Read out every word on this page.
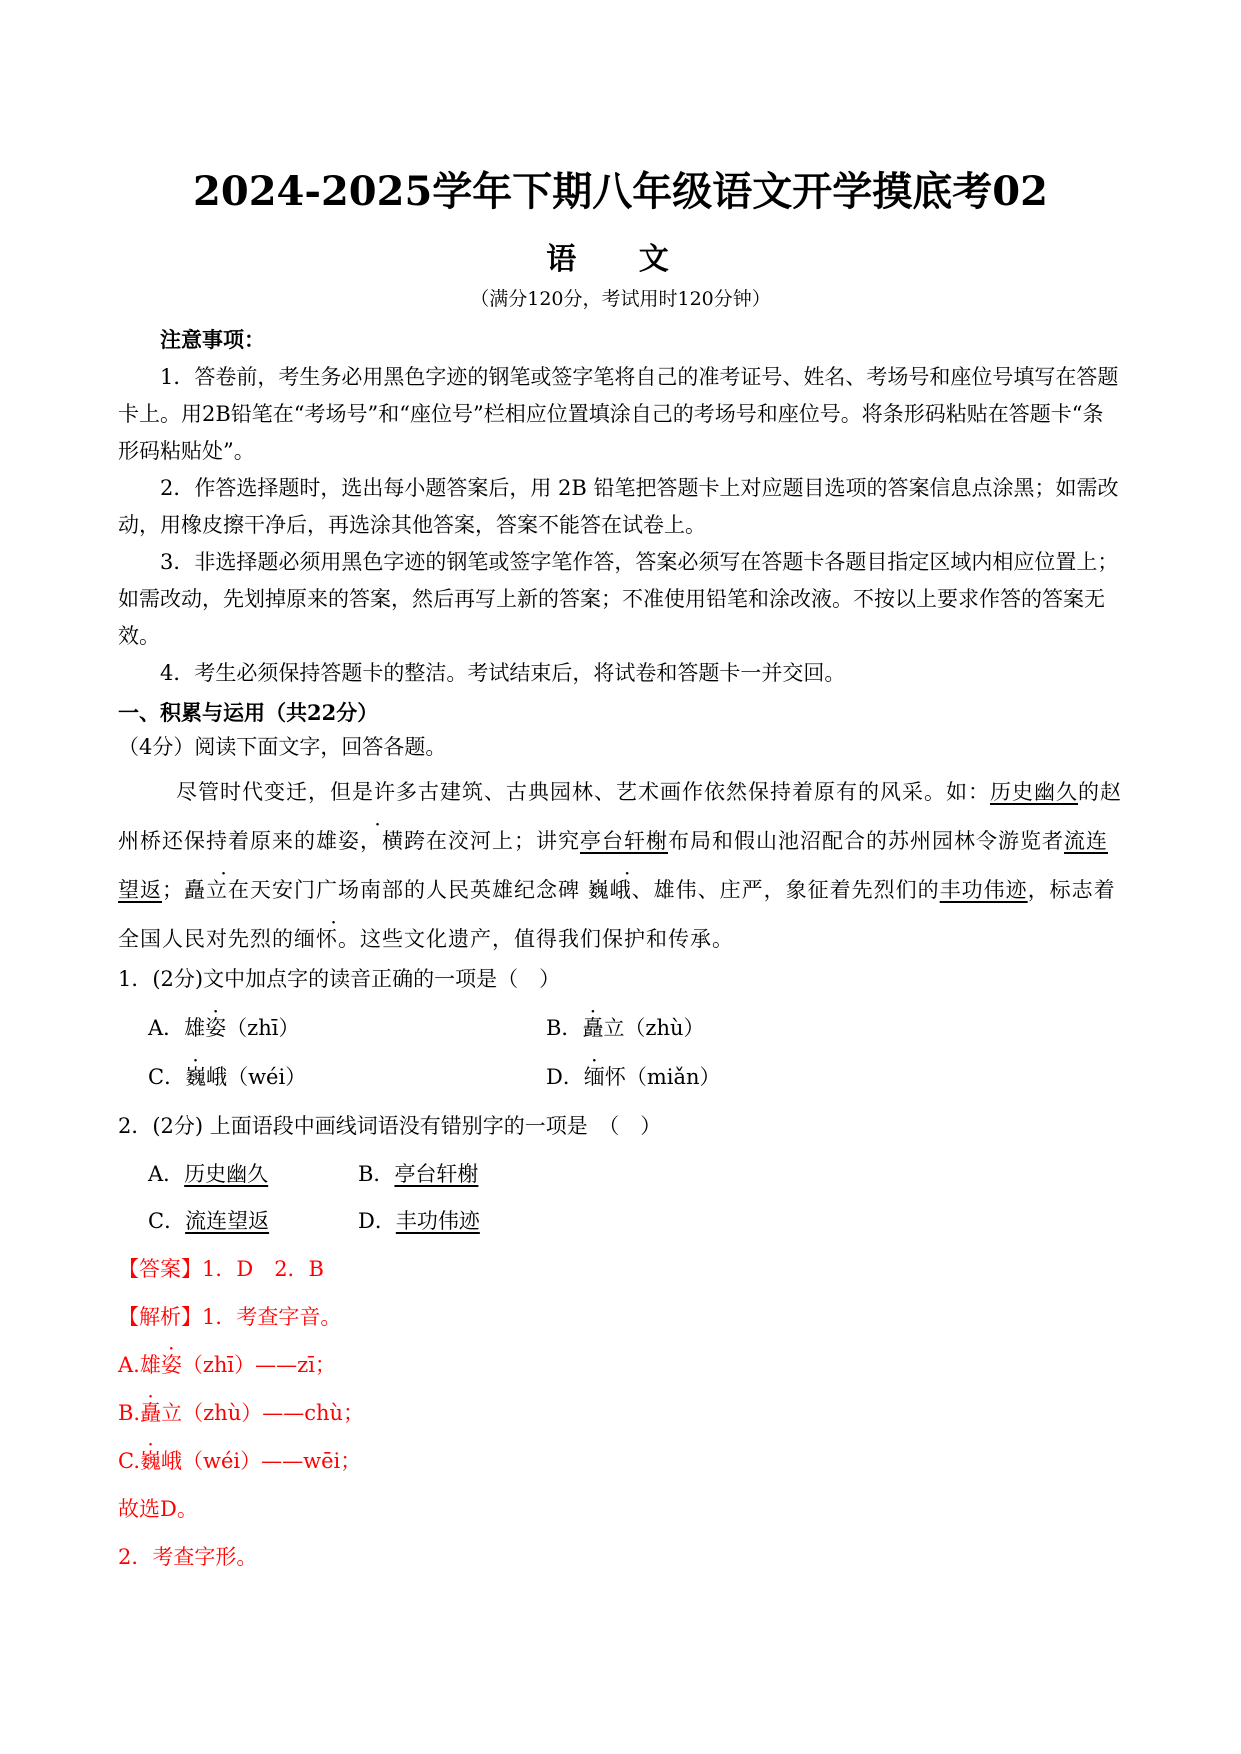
2024-2025学年下期八年级语文开学摸底考02
语 文
（满分120分，考试用时120分钟）
注意事项：

1．答卷前，考生务必用黑色字迹的钢笔或签字笔将自己的准考证号、姓名、考场号和座位号填写在答题卡上。用2B铅笔在“考场号”和“座位号”栏相应位置填涂自己的考场号和座位号。将条形码粘贴在答题卡“条形码粘贴处”。

2．作答选择题时，选出每小题答案后，用 2B 铅笔把答题卡上对应题目选项的答案信息点涂黑；如需改动，用橡皮擦干净后，再选涂其他答案，答案不能答在试卷上。

3．非选择题必须用黑色字迹的钢笔或签字笔作答，答案必须写在答题卡各题目指定区域内相应位置上；如需改动，先划掉原来的答案，然后再写上新的答案；不准使用铅笔和涂改液。不按以上要求作答的答案无效。

4．考生必须保持答题卡的整洁。考试结束后，将试卷和答题卡一并交回。

一、积累与运用（共22分）
（4分）阅读下面文字，回答各题。

尽管时代变迁，但是许多古建筑、古典园林、艺术画作依然保持着原有的风采。如：历史幽久的赵州桥还保持着原来的雄姿，横跨在洨河上；讲究亭台轩榭布局和假山池沼配合的苏州园林令游览者流连望返；矗立在天安门广场南部的人民英雄纪念碑 巍峨、雄伟、庄严，象征着先烈们的丰功伟迹，标志着全国人民对先烈的缅怀。这些文化遗产，值得我们保护和传承。

1．(2分)文中加点字的读音正确的一项是（　）
A．雄姿（zhī）	B．矗立（zhù）
C．巍峨（wéi）	D．缅怀（miǎn）
2．(2分) 上面语段中画线词语没有错别字的一项是　（　）
A．历史幽久	B．亭台轩榭
C．流连望返	D．丰功伟迹
【答案】1．D　2．B
【解析】1．考查字音。
A.雄姿（zhī）——zī；
B.矗立（zhù）——chù；
C.巍峨（wéi）——wēi；
故选D。
2．考查字形。
